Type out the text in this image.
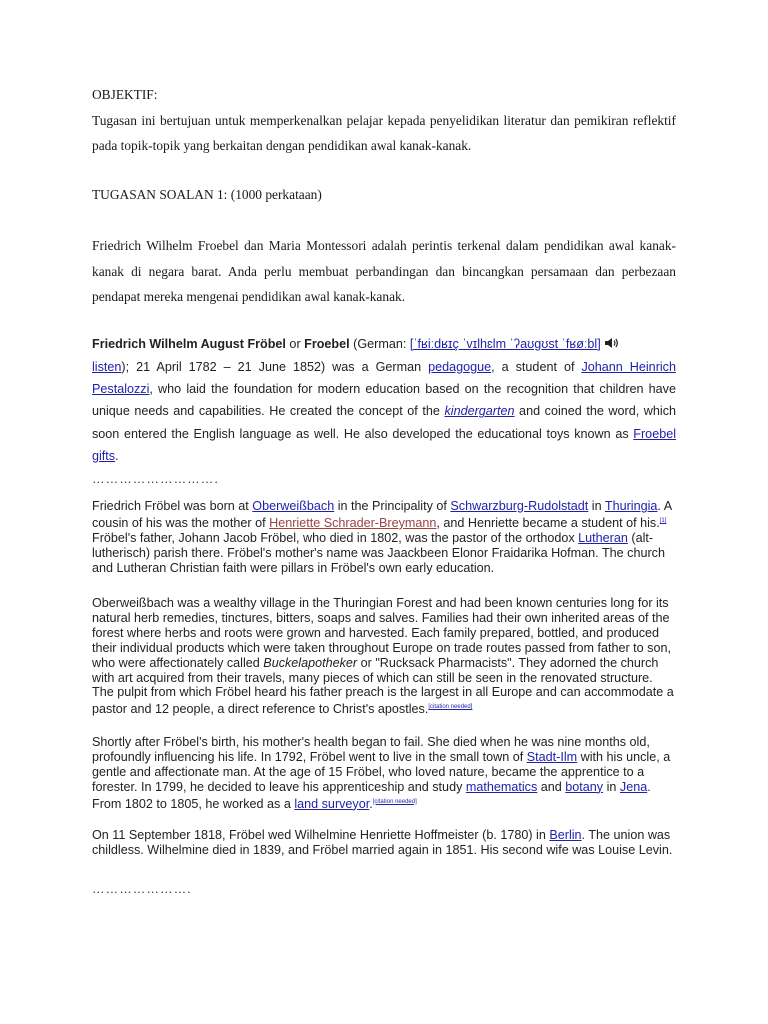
OBJEKTIF:
Tugasan ini bertujuan untuk memperkenalkan pelajar kepada penyelidikan literatur dan pemikiran reflektif pada topik-topik yang berkaitan dengan pendidikan awal kanak-kanak.
TUGASAN SOALAN 1: (1000 perkataan)
Friedrich Wilhelm Froebel dan Maria Montessori adalah perintis terkenal dalam pendidikan awal kanak-kanak di negara barat. Anda perlu membuat perbandingan dan bincangkan persamaan dan perbezaan pendapat mereka mengenai pendidikan awal kanak-kanak.
Friedrich Wilhelm August Fröbel or Froebel (German: [ˈfʁiːdʁɪç ˈvɪlhɛlm ˈʔaʊɡʊst ˈfʁøːbl]
listen); 21 April 1782 – 21 June 1852) was a German pedagogue, a student of Johann Heinrich Pestalozzi, who laid the foundation for modern education based on the recognition that children have unique needs and capabilities. He created the concept of the kindergarten and coined the word, which soon entered the English language as well. He also developed the educational toys known as Froebel gifts.
……………………….
Friedrich Fröbel was born at Oberweißbach in the Principality of Schwarzburg-Rudolstadt in Thuringia. A cousin of his was the mother of Henriette Schrader-Breymann, and Henriette became a student of his.[1] Fröbel's father, Johann Jacob Fröbel, who died in 1802, was the pastor of the orthodox Lutheran (alt-lutherisch) parish there. Fröbel's mother's name was Jaackbeen Elonor Fraidarika Hofman. The church and Lutheran Christian faith were pillars in Fröbel's own early education.
Oberweißbach was a wealthy village in the Thuringian Forest and had been known centuries long for its natural herb remedies, tinctures, bitters, soaps and salves. Families had their own inherited areas of the forest where herbs and roots were grown and harvested. Each family prepared, bottled, and produced their individual products which were taken throughout Europe on trade routes passed from father to son, who were affectionately called Buckelapotheker or "Rucksack Pharmacists". They adorned the church with art acquired from their travels, many pieces of which can still be seen in the renovated structure. The pulpit from which Fröbel heard his father preach is the largest in all Europe and can accommodate a pastor and 12 people, a direct reference to Christ's apostles.[citation needed]
Shortly after Fröbel's birth, his mother's health began to fail. She died when he was nine months old, profoundly influencing his life. In 1792, Fröbel went to live in the small town of Stadt-Ilm with his uncle, a gentle and affectionate man. At the age of 15 Fröbel, who loved nature, became the apprentice to a forester. In 1799, he decided to leave his apprenticeship and study mathematics and botany in Jena. From 1802 to 1805, he worked as a land surveyor.[citation needed]
On 11 September 1818, Fröbel wed Wilhelmine Henriette Hoffmeister (b. 1780) in Berlin. The union was childless. Wilhelmine died in 1839, and Fröbel married again in 1851. His second wife was Louise Levin.
………………….
